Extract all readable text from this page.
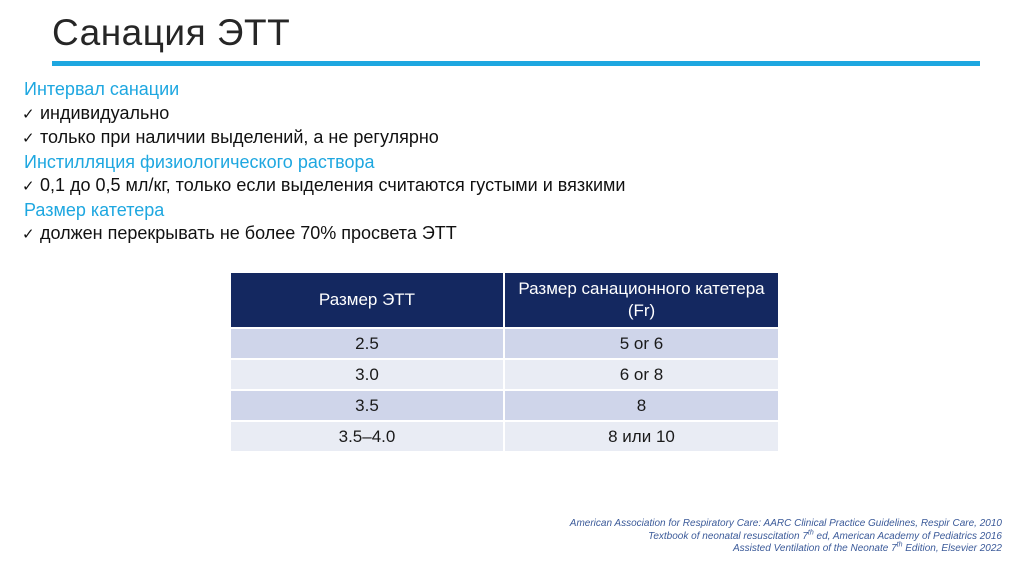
Санация ЭТТ
Интервал санации
✓ индивидуально
✓ только при наличии выделений, а не регулярно
Инстилляция физиологического раствора
✓ 0,1 до 0,5 мл/кг, только если выделения считаются густыми и вязкими
Размер катетера
✓ должен перекрывать не более 70% просвета ЭТТ
Размер ЭТТ	Размер санационного катетера (Fr)
2.5	5 or 6
3.0	6 or 8
3.5	8
3.5–4.0	8 или 10
American Association for Respiratory Care: AARC Clinical Practice Guidelines, Respir Care, 2010
Textbook of neonatal resuscitation 7th ed, American Academy of Pediatrics 2016
Assisted Ventilation of the Neonate 7th Edition, Elsevier 2022
